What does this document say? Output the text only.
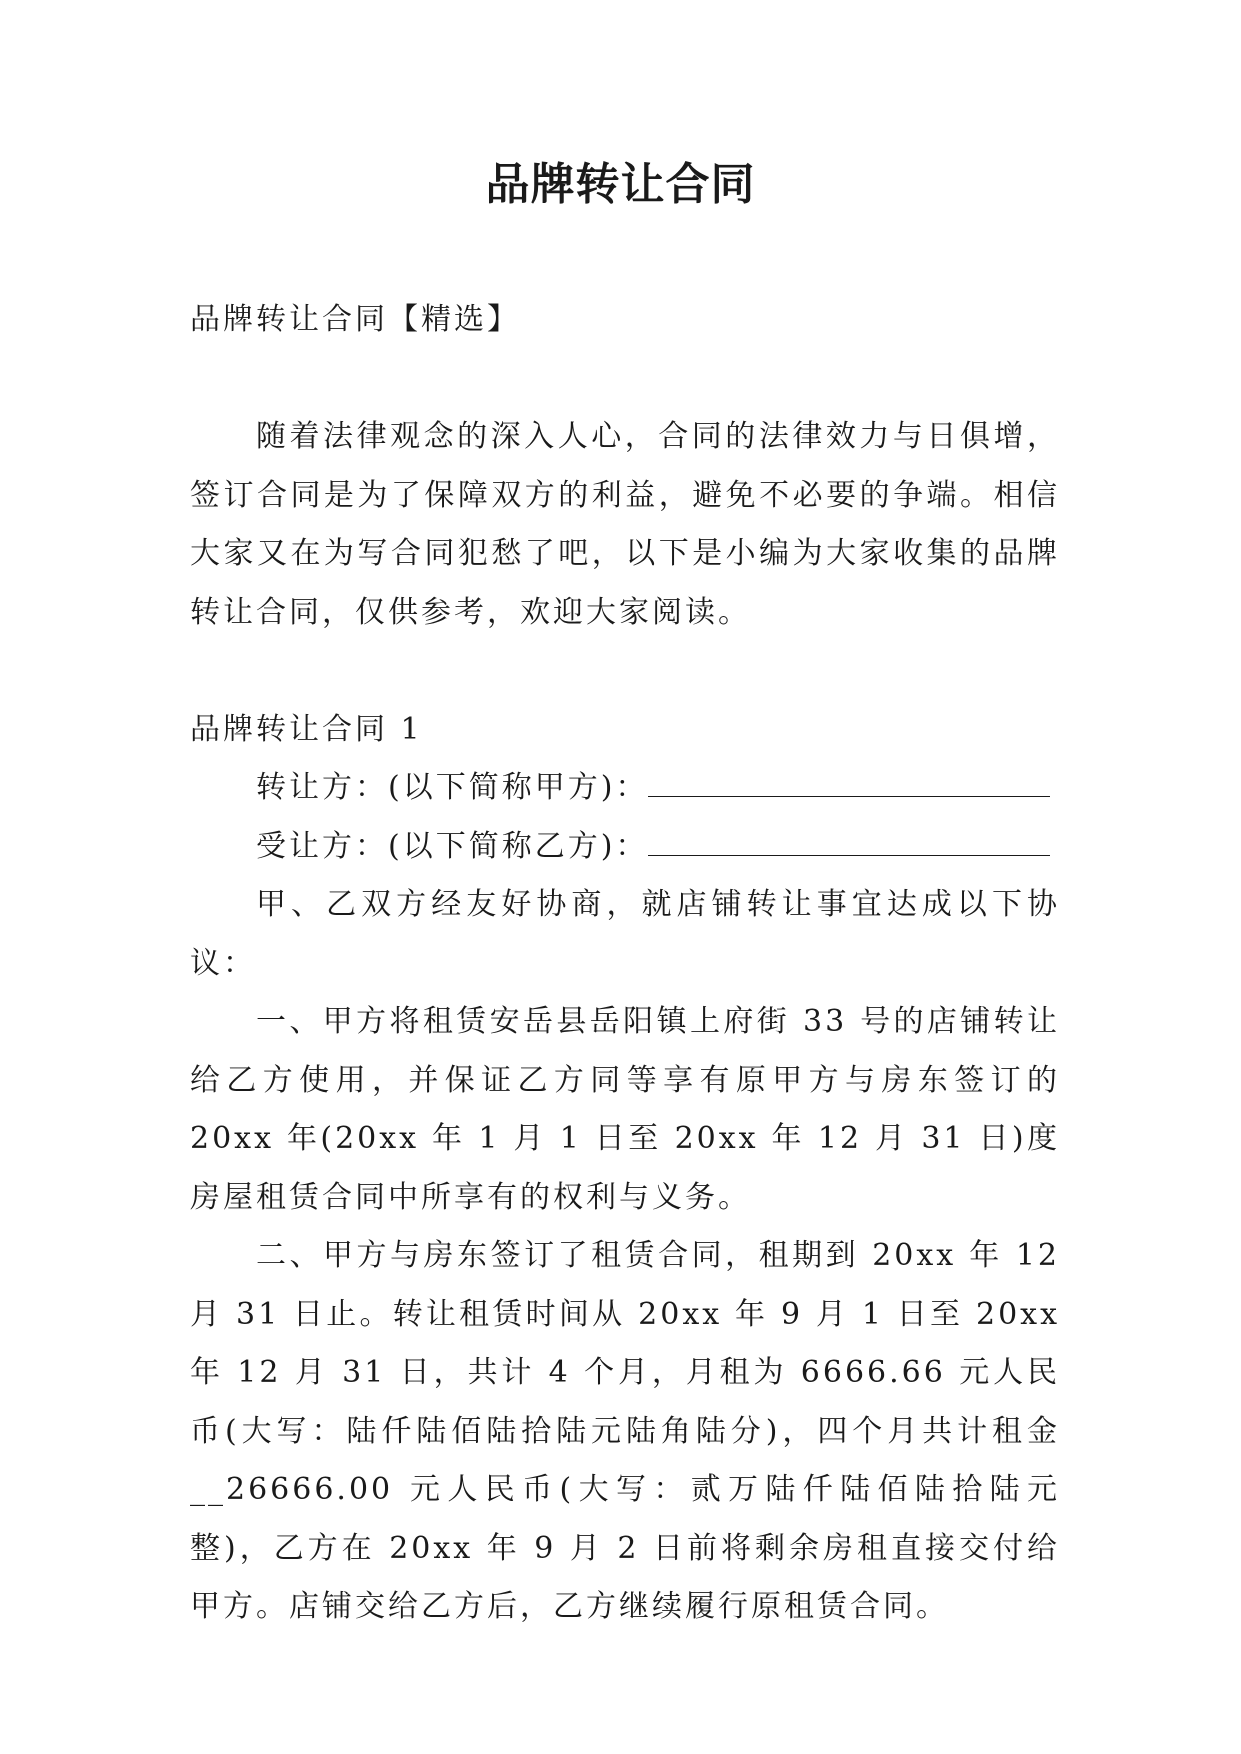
品牌转让合同

品牌转让合同【精选】

随着法律观念的深入人心，合同的法律效力与日俱增，签订合同是为了保障双方的利益，避免不必要的争端。相信大家又在为写合同犯愁了吧，以下是小编为大家收集的品牌转让合同，仅供参考，欢迎大家阅读。

品牌转让合同 1

转让方：(以下简称甲方)：

受让方：(以下简称乙方)：

甲、乙双方经友好协商，就店铺转让事宜达成以下协议：

一、甲方将租赁安岳县岳阳镇上府街 33 号的店铺转让给乙方使用，并保证乙方同等享有原甲方与房东签订的 20xx 年(20xx 年 1 月 1 日至 20xx 年 12 月 31 日)度房屋租赁合同中所享有的权利与义务。

二、甲方与房东签订了租赁合同，租期到 20xx 年 12 月 31 日止。转让租赁时间从 20xx 年 9 月 1 日至 20xx 年 12 月 31 日，共计 4 个月，月租为 6666.66 元人民币(大写：陆仟陆佰陆拾陆元陆角陆分)，四个月共计租金__26666.00 元人民币(大写：贰万陆仟陆佰陆拾陆元整)，乙方在 20xx 年 9 月 2 日前将剩余房租直接交付给甲方。店铺交给乙方后，乙方继续履行原租赁合同。
